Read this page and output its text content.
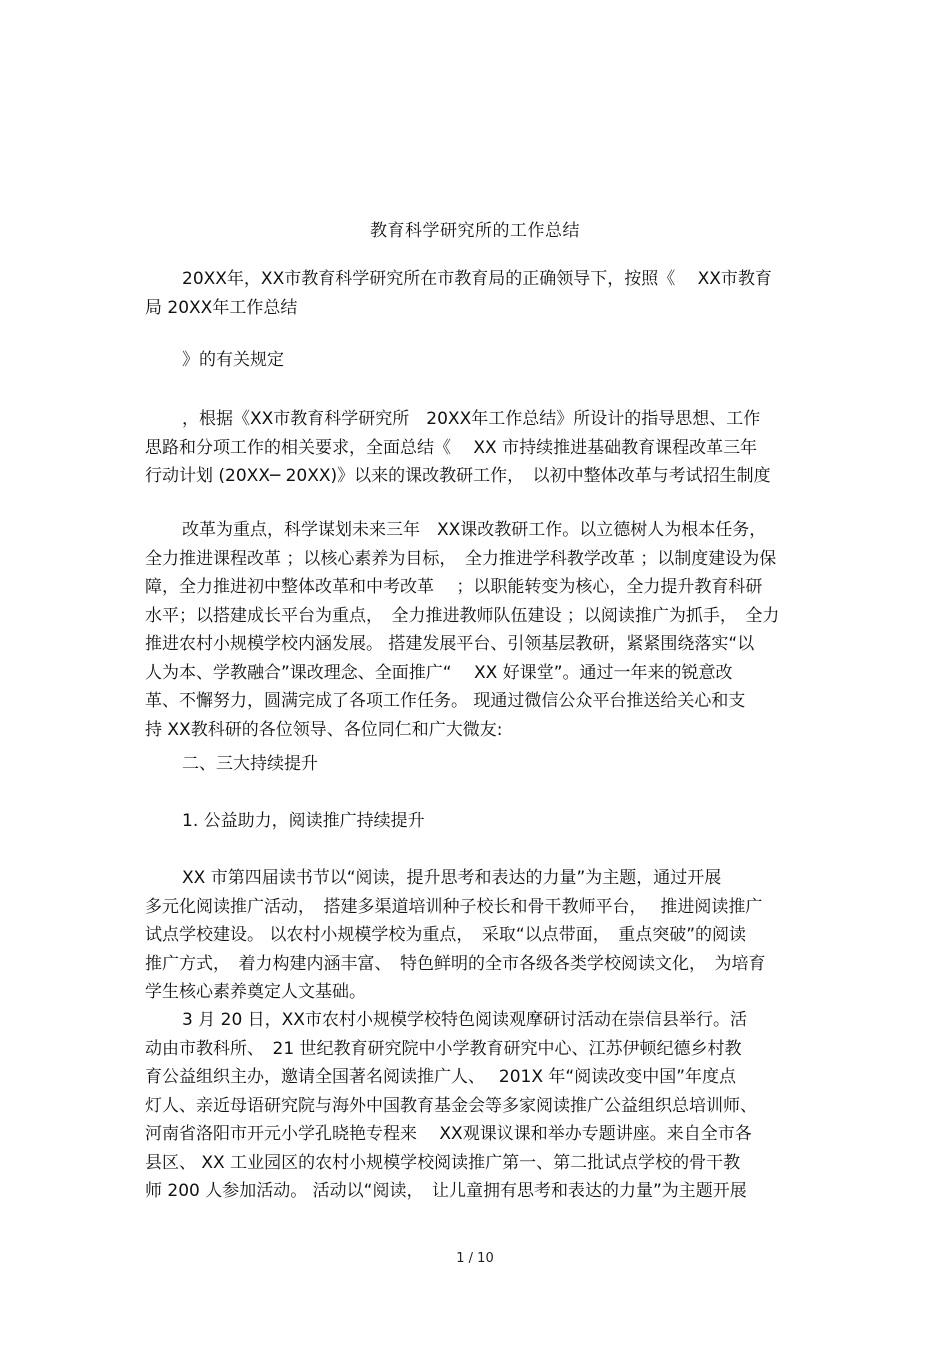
教育科学研究所的工作总结
20XX年，XX市教育科学研究所在市教育局的正确领导下，按照《　 XX市教育
局 20XX年工作总结
》的有关规定
，根据《XX市教育科学研究所　20XX年工作总结》所设计的指导思想、工作
思路和分项工作的相关要求，全面总结《　 XX 市持续推进基础教育课程改革三年
行动计划 (20XX─ 20XX)》以来的课改教研工作，　以初中整体改革与考试招生制度
改革为重点，科学谋划未来三年　XX课改教研工作。以立德树人为根本任务，
全力推进课程改革 ；以核心素养为目标，　全力推进学科教学改革 ；以制度建设为保
障，全力推进初中整体改革和中考改革　 ；以职能转变为核心，全力提升教育科研
水平；以搭建成长平台为重点，　全力推进教师队伍建设 ；以阅读推广为抓手，　全力
推进农村小规模学校内涵发展。 搭建发展平台、引领基层教研，紧紧围绕落实“以
人为本、学教融合”课改理念、全面推广“　 XX 好课堂”。通过一年来的锐意改
革、不懈努力，圆满完成了各项工作任务。 现通过微信公众平台推送给关心和支
持 XX教科研的各位领导、各位同仁和广大微友:
二、三大持续提升
1. 公益助力，阅读推广持续提升
XX 市第四届读书节以“阅读，提升思考和表达的力量”为主题，通过开展
多元化阅读推广活动，　搭建多渠道培训种子校长和骨干教师平台，　 推进阅读推广
试点学校建设。 以农村小规模学校为重点，　采取“以点带面，　重点突破”的阅读
推广方式，　着力构建内涵丰富、　特色鲜明的全市各级各类学校阅读文化，　为培育
学生核心素养奠定人文基础。
3 月 20 日，XX市农村小规模学校特色阅读观摩研讨活动在崇信县举行。活
动由市教科所、　21 世纪教育研究院中小学教育研究中心、江苏伊顿纪德乡村教
育公益组织主办，邀请全国著名阅读推广人、　 201X 年“阅读改变中国”年度点
灯人、亲近母语研究院与海外中国教育基金会等多家阅读推广公益组织总培训师、
河南省洛阳市开元小学孔晓艳专程来　 XX观课议课和举办专题讲座。来自全市各
县区、 XX 工业园区的农村小规模学校阅读推广第一、第二批试点学校的骨干教
师 200 人参加活动。 活动以“阅读，　让儿童拥有思考和表达的力量”为主题开展
1 / 10
